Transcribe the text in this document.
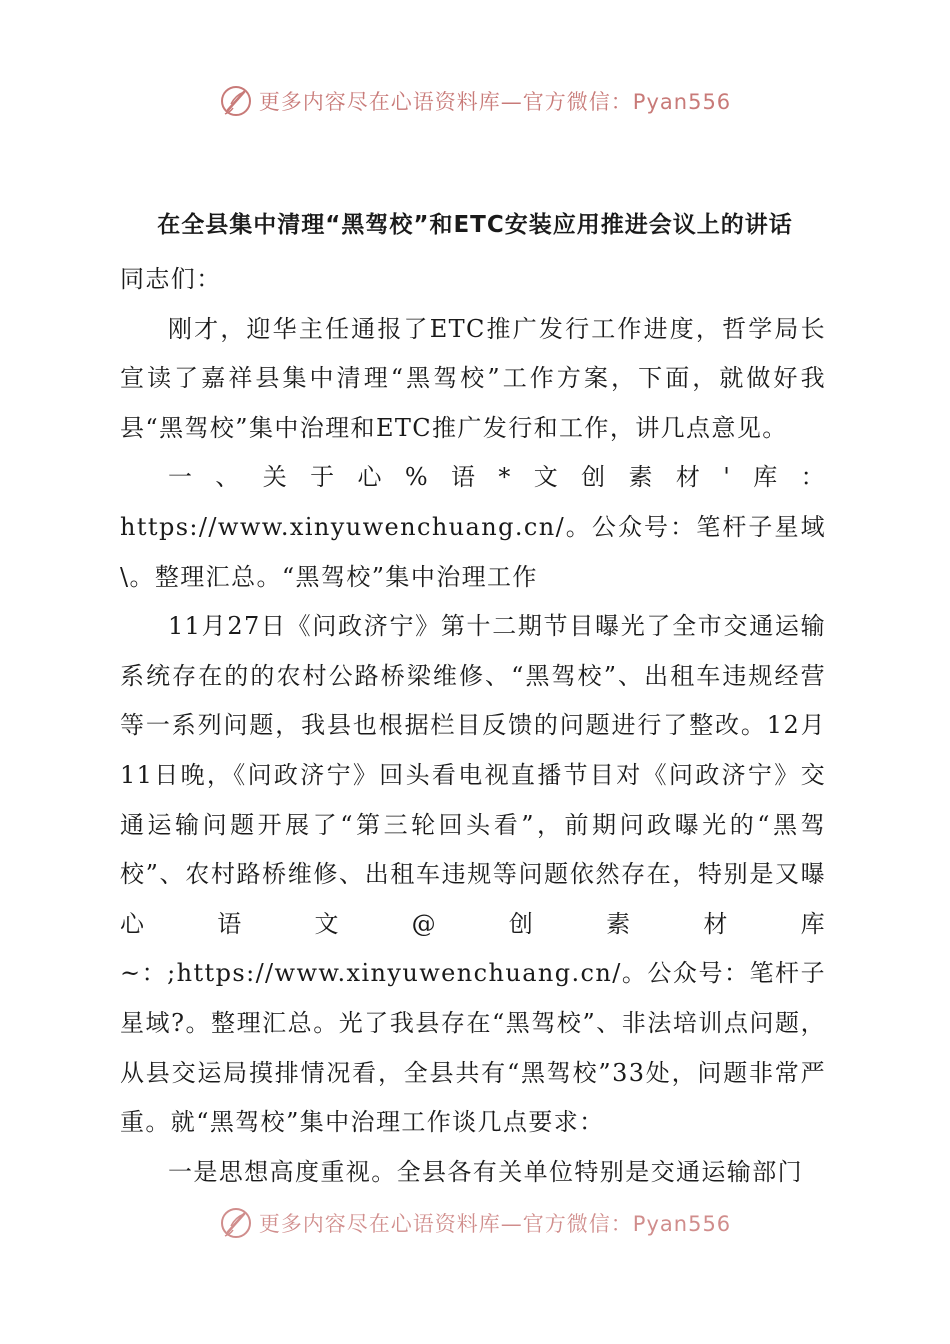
更多内容尽在心语资料库—官方微信：Pyan556
在全县集中清理“黑驾校”和ETC安装应用推进会议上的讲话

同志们：

刚才，迎华主任通报了ETC推广发行工作进度，哲学局长宣读了嘉祥县集中清理“黑驾校”工作方案，下面，就做好我县“黑驾校”集中治理和ETC推广发行和工作，讲几点意见。

一、关于心%语*文创素材'库：https://www.xinyuwenchuang.cn/。公众号：笔杆子星域\。整理汇总。“黑驾校”集中治理工作

11月27日《问政济宁》第十二期节目曝光了全市交通运输系统存在的的农村公路桥梁维修、“黑驾校”、出租车违规经营等一系列问题，我县也根据栏目反馈的问题进行了整改。12月11日晚，《问政济宁》回头看电视直播节目对《问政济宁》交通运输问题开展了“第三轮回头看”，前期问政曝光的“黑驾校”、农村路桥维修、出租车违规等问题依然存在，特别是又曝心语文@创素材库~：;https://www.xinyuwenchuang.cn/。公众号：笔杆子星域?。整理汇总。光了我县存在“黑驾校”、非法培训点问题，从县交运局摸排情况看，全县共有“黑驾校”33处，问题非常严重。就“黑驾校”集中治理工作谈几点要求：

一是思想高度重视。全县各有关单位特别是交通运输部门

更多内容尽在心语资料库—官方微信：Pyan556
